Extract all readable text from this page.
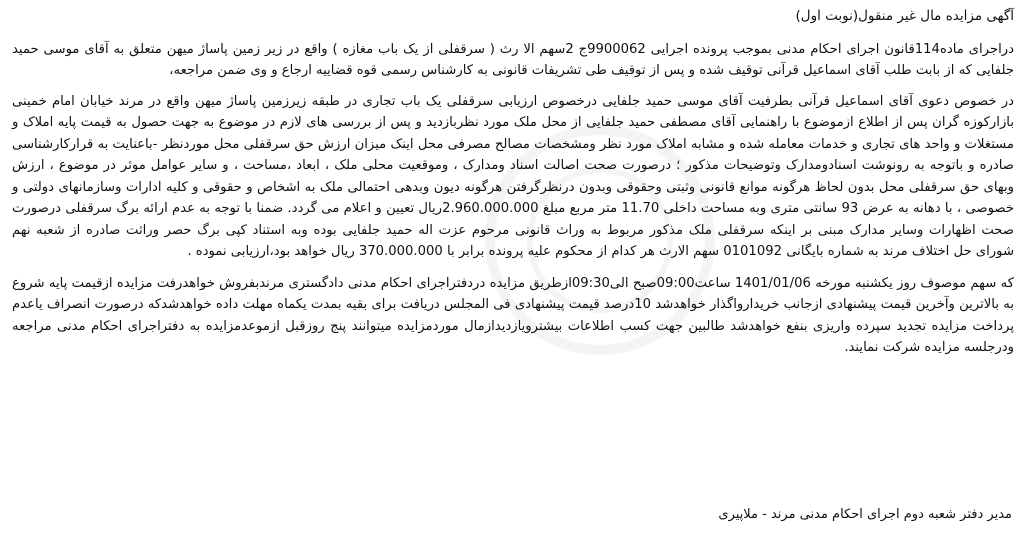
آگهی مزایده مال غیر منقول(نوبت اول)
دراجرای ماده114قانون اجرای احکام مدنی بموجب پرونده اجرایی 9900062ج 2سهم الا رث ( سرقفلی از یک باب مغازه ) واقع در زیر زمین پاساژ میهن متعلق به آقای موسی حمید جلفایی که از بابت طلب آقای اسماعیل قرآنی توقیف شده و پس از توقیف طی تشریفات قانونی به کارشناس رسمی قوه قضاییه ارجاع و وی ضمن مراجعه،
در خصوص دعوی آقای اسماعیل قرآنی بطرفیت آقای موسی حمید جلفایی درخصوص ارزیابی سرقفلی یک باب تجاری در طبقه زیرزمین پاساژ میهن واقع در مرند خیابان امام خمینی بازارکوزه گران پس از اطلاع ازموضوع با راهنمایی آقای مصطفی حمید جلفایی از محل ملک مورد نظربازدید و پس از بررسی های لازم در موضوع به جهت حصول به قیمت پایه املاک و مستغلات و واحد های تجاری و خدمات معامله شده و مشابه املاک مورد نظر ومشخصات مصالح مصرفی محل اینک میزان ارزش حق سرقفلی محل موردنظر -باعنایت به قرارکارشناسی صادره و باتوجه به رونوشت اسنادومدارک وتوضیحات مذکور ؛ درصورت صحت اصالت اسناد ومدارک ، وموقعیت محلی ملک ، ابعاد ،مساحت ، و سایر عوامل موثر در موضوع ، ارزش وبهای حق سرقفلی محل بدون لحاظ هرگونه موانع قانونی وثبتی وحقوقی وبدون درنظرگرفتن هرگونه دیون وبدهی احتمالی ملک به اشخاص و حقوقی و کلیه ادارات وسازمانهای دولتی و خصوصی ، با دهانه به عرض 93 سانتی متری وبه مساحت داخلی 11.70 متر مربع مبلغ 2.960.000.000ریال تعیین و اعلام می گردد. ضمنا با توجه به عدم ارائه برگ سرقفلی درصورت صحت اظهارات وسایر مدارک مبنی بر اینکه سرقفلی ملک مذکور مربوط به وراث قانونی مرحوم عزت اله حمید جلفایی بوده وبه استناد کپی برگ حصر وراثت صادره از شعبه نهم شورای حل اختلاف مرند به شماره بایگانی 0101092 سهم الارث هر کدام از محکوم علیه پرونده برابر با 370.000.000 ریال خواهد بود،ارزیابی نموده .
که سهم موصوف روز یکشنبه مورخه 1401/01/06 ساعت09:00صبح الی09:30ازطریق مزایده دردفتراجرای احکام مدنی دادگستری مرندبفروش خواهدرفت مزایده ازقیمت پایه شروع به بالاترین وآخرین قیمت پیشنهادی ازجانب خریدارواگذار خواهدشد 10درصد قیمت پیشنهادی فی المجلس دریافت برای بقیه بمدت یکماه مهلت داده خواهدشدکه درصورت انصراف یاعدم پرداخت مزایده تجدید سپرده واریزی بنفع خواهدشد طالبین جهت کسب اطلاعات بیشترویازدیدازمال موردمزایده میتوانند پنج روزقبل ازموعدمزایده به دفتراجرای احکام مدنی مراجعه ودرجلسه مزایده شرکت نمایند.
مدیر دفتر شعبه دوم اجرای احکام مدنی مرند - ملاپیری
